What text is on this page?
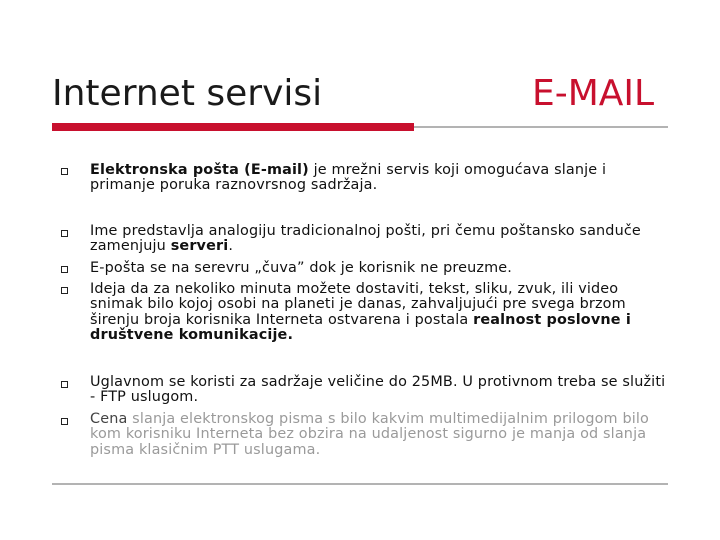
Internet servisi	E-MAIL
Elektronska pošta (E-mail) je mrežni servis koji omogućava slanje i primanje poruka raznovrsnog sadržaja.
Ime predstavlja analogiju tradicionalnoj pošti, pri čemu poštansko sanduče zamenjuju serveri.
E-pošta se na serevru „čuva” dok je korisnik ne preuzme.
Ideja da za nekoliko minuta možete dostaviti, tekst, sliku, zvuk, ili video snimak bilo kojoj osobi na planeti je danas, zahvaljujući pre svega brzom širenju broja korisnika Interneta ostvarena i postala realnost poslovne i društvene komunikacije.
Uglavnom se koristi za sadržaje veličine do 25MB. U protivnom treba se služiti - FTP uslugom.
Cena slanja elektronskog pisma s bilo kakvim multimedijalnim prilogom bilo kom korisniku Interneta bez obzira na udaljenost sigurno je manja od slanja pisma klasičnim PTT uslugama.
